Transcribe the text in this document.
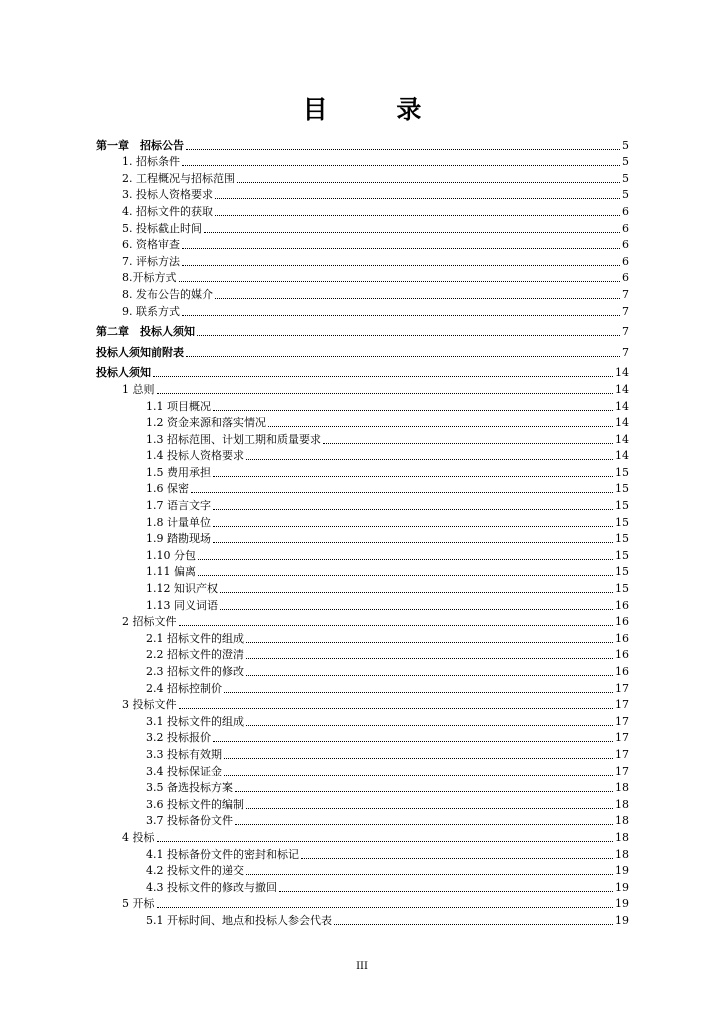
目 录
第一章　招标公告	5
1. 招标条件	5
2. 工程概况与招标范围	5
3. 投标人资格要求	5
4. 招标文件的获取	6
5. 投标截止时间	6
6. 资格审查	6
7. 评标方法	6
8.开标方式	6
8. 发布公告的媒介	7
9. 联系方式	7
第二章　投标人须知	7
投标人须知前附表	7
投标人须知	14
1 总则	14
1.1 项目概况	14
1.2 资金来源和落实情况	14
1.3 招标范围、计划工期和质量要求	14
1.4 投标人资格要求	14
1.5 费用承担	15
1.6 保密	15
1.7 语言文字	15
1.8 计量单位	15
1.9 踏勘现场	15
1.10 分包	15
1.11 偏离	15
1.12 知识产权	15
1.13 同义词语	16
2 招标文件	16
2.1 招标文件的组成	16
2.2 招标文件的澄清	16
2.3 招标文件的修改	16
2.4 招标控制价	17
3 投标文件	17
3.1 投标文件的组成	17
3.2 投标报价	17
3.3 投标有效期	17
3.4 投标保证金	17
3.5 备选投标方案	18
3.6 投标文件的编制	18
3.7 投标备份文件	18
4 投标	18
4.1 投标备份文件的密封和标记	18
4.2 投标文件的递交	19
4.3 投标文件的修改与撤回	19
5 开标	19
5.1 开标时间、地点和投标人参会代表	19
III
